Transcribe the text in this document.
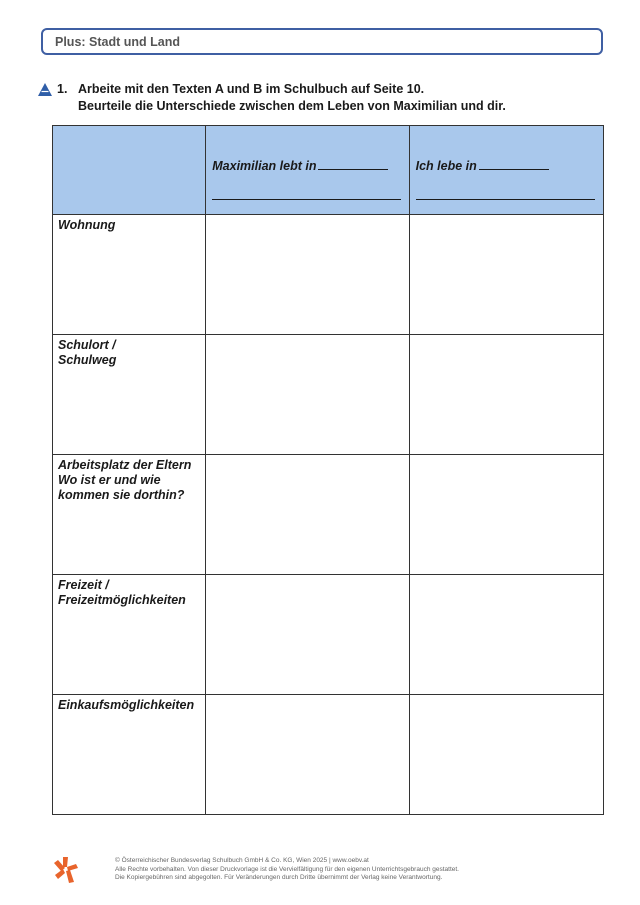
Plus: Stadt und Land
1. Arbeite mit den Texten A und B im Schulbuch auf Seite 10.
Beurteile die Unterschiede zwischen dem Leben von Maximilian und dir.

	Maximilian lebt in	Ich lebe in

Wohnung		

Schulort /
Schulweg		

Arbeitsplatz der Eltern
Wo ist er und wie
kommen sie dorthin?		

Freizeit /
Freizeitmöglichkeiten		

Einkaufsmöglichkeiten		

© Österreichischer Bundesverlag Schulbuch GmbH & Co. KG, Wien 2025 | www.oebv.at
Alle Rechte vorbehalten. Von dieser Druckvorlage ist die Vervielfältigung für den eigenen Unterrichtsgebrauch gestattet.
Die Kopiergebühren sind abgegolten. Für Veränderungen durch Dritte übernimmt der Verlag keine Verantwortung.
